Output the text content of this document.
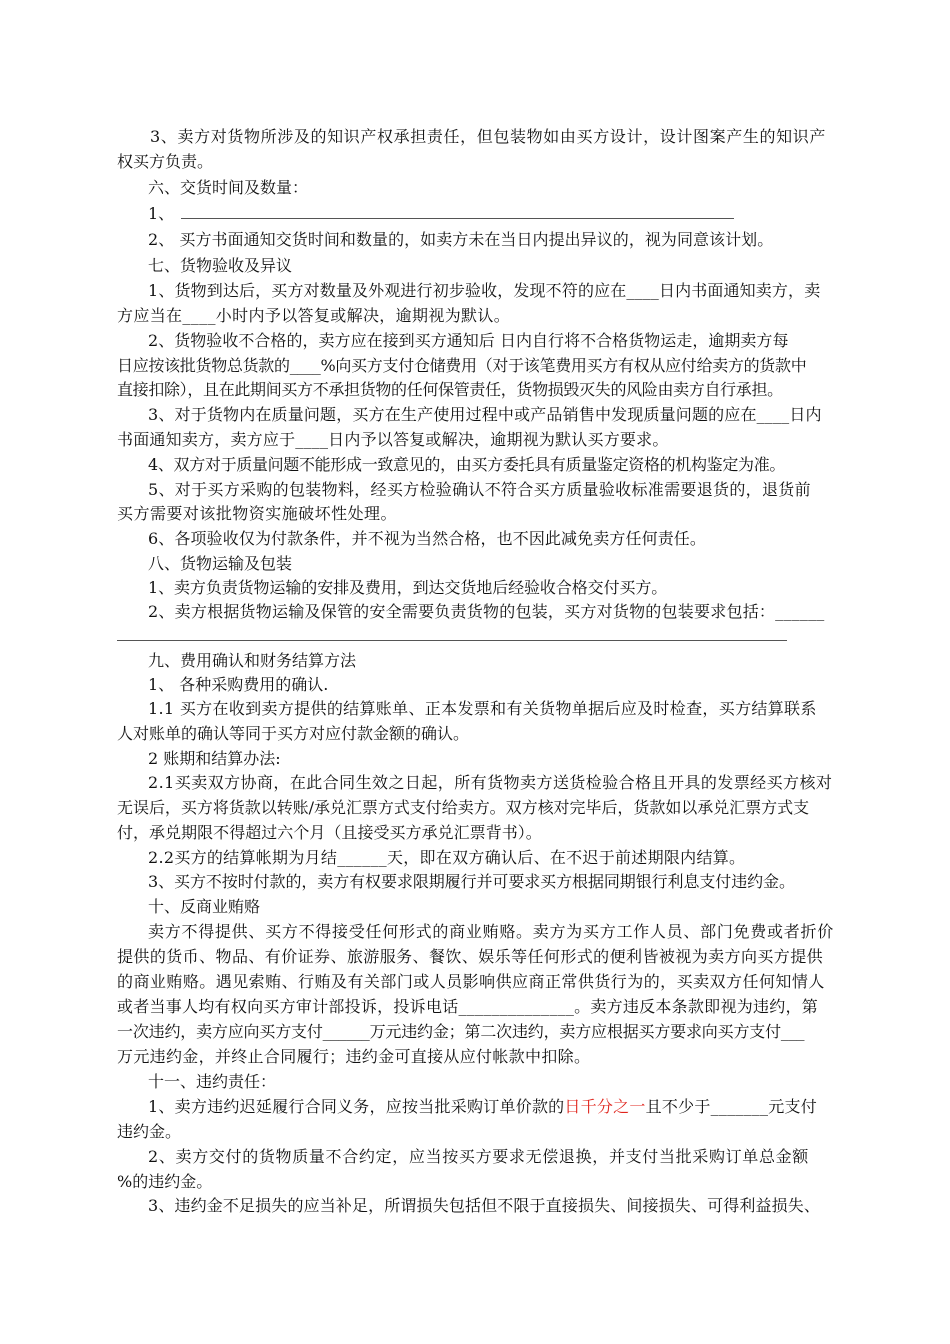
3、卖方对货物所涉及的知识产权承担责任，但包装物如由买方设计，设计图案产生的知识产
权买方负责。
六、交货时间及数量：
1、
2、 买方书面通知交货时间和数量的，如卖方未在当日内提出异议的，视为同意该计划。
七、货物验收及异议
1、货物到达后，买方对数量及外观进行初步验收，发现不符的应在____日内书面通知卖方，卖
方应当在____小时内予以答复或解决，逾期视为默认。
2、货物验收不合格的，卖方应在接到买方通知后 日内自行将不合格货物运走，逾期卖方每
日应按该批货物总货款的____%向买方支付仓储费用（对于该笔费用买方有权从应付给卖方的货款中
直接扣除），且在此期间买方不承担货物的任何保管责任，货物损毁灭失的风险由卖方自行承担。
3、对于货物内在质量问题，买方在生产使用过程中或产品销售中发现质量问题的应在____日内
书面通知卖方，卖方应于____日内予以答复或解决，逾期视为默认买方要求。
4、双方对于质量问题不能形成一致意见的，由买方委托具有质量鉴定资格的机构鉴定为准。
5、对于买方采购的包装物料，经买方检验确认不符合买方质量验收标准需要退货的，退货前
买方需要对该批物资实施破坏性处理。
6、各项验收仅为付款条件，并不视为当然合格，也不因此减免卖方任何责任。
八、货物运输及包装
1、卖方负责货物运输的安排及费用，到达交货地后经验收合格交付买方。
2、卖方根据货物运输及保管的安全需要负责货物的包装，买方对货物的包装要求包括：______
九、费用确认和财务结算方法
1、 各种采购费用的确认.
1.1 买方在收到卖方提供的结算账单、正本发票和有关货物单据后应及时检查，买方结算联系
人对账单的确认等同于买方对应付款金额的确认。
2 账期和结算办法:
2.1买卖双方协商，在此合同生效之日起，所有货物卖方送货检验合格且开具的发票经买方核对
无误后，买方将货款以转账/承兑汇票方式支付给卖方。双方核对完毕后，货款如以承兑汇票方式支
付，承兑期限不得超过六个月（且接受买方承兑汇票背书）。
2.2买方的结算帐期为月结______天，即在双方确认后、在不迟于前述期限内结算。
3、买方不按时付款的，卖方有权要求限期履行并可要求买方根据同期银行利息支付违约金。
十、反商业贿赂
卖方不得提供、买方不得接受任何形式的商业贿赂。卖方为买方工作人员、部门免费或者折价
提供的货币、物品、有价证券、旅游服务、餐饮、娱乐等任何形式的便利皆被视为卖方向买方提供
的商业贿赂。遇见索贿、行贿及有关部门或人员影响供应商正常供货行为的，买卖双方任何知情人
或者当事人均有权向买方审计部投诉，投诉电话______________。卖方违反本条款即视为违约，第
一次违约，卖方应向买方支付______万元违约金；第二次违约，卖方应根据买方要求向买方支付___
万元违约金，并终止合同履行；违约金可直接从应付帐款中扣除。
十一、违约责任：
1、卖方违约迟延履行合同义务，应按当批采购订单价款的日千分之一且不少于_______元支付
违约金。
2、卖方交付的货物质量不合约定，应当按买方要求无偿退换，并支付当批采购订单总金额
%的违约金。
3、违约金不足损失的应当补足，所谓损失包括但不限于直接损失、间接损失、可得利益损失、
